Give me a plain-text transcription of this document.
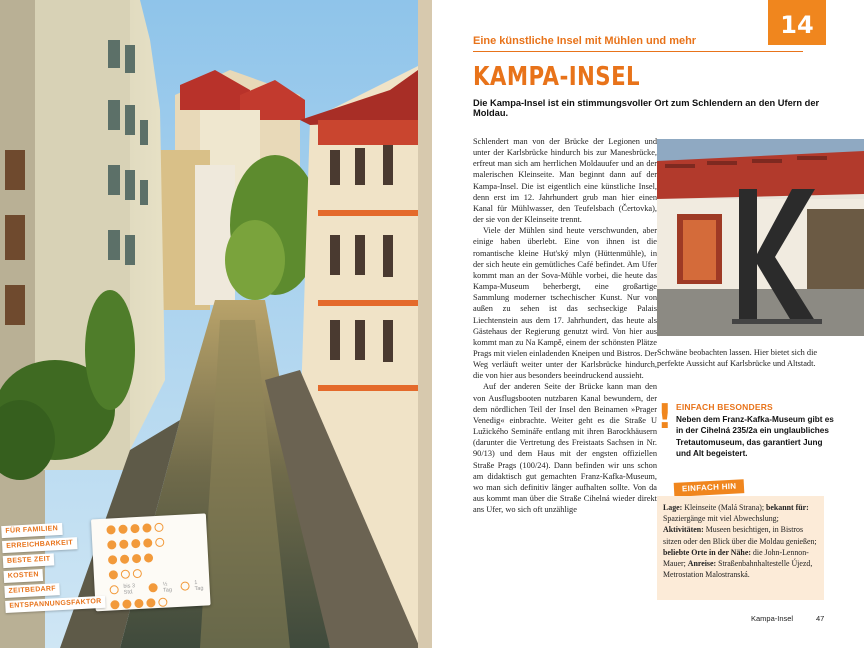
FÜR FAMILIEN
ERREICHBARKEIT
BESTE ZEIT
KOSTEN
ZEITBEDARF
ENTSPANNUNGSFAKTOR
bis 3 Std.
½ Tag
1 Tag
Eine künstliche Insel mit Mühlen und mehr
14
KAMPA-INSEL
Die Kampa-Insel ist ein stimmungsvoller Ort zum Schlendern an den Ufern der Moldau.

Schlendert man von der Brücke der Legionen und unter der Karlsbrücke hindurch bis zur Manesbrücke, erfreut man sich am herrlichen Moldauufer und an der malerischen Kleinseite. Man beginnt dann auf der Kampa-Insel. Die ist eigentlich eine künstliche Insel, denn erst im 12. Jahrhundert grub man hier einen Kanal für Mühlwasser, den Teufelsbach (Čertovka), der sie von der Kleinseite trennt.

Viele der Mühlen sind heute verschwunden, aber einige haben überlebt. Eine von ihnen ist die romantische kleine Hut'ský mlyn (Hüttenmühle), in der sich heute ein gemütliches Café befindet. Am Ufer kommt man an der Sova-Mühle vorbei, die heute das Kampa-Museum beherbergt, eine großartige Sammlung moderner tschechischer Kunst. Nur von außen zu sehen ist das sechseckige Palais Liechtenstein aus dem 17. Jahrhundert, das heute als Gästehaus der Regierung genutzt wird. Von hier aus kommt man zu Na Kampě, einem der schönsten Plätze Prags mit vielen einladenden Kneipen und Bistros. Der Weg verläuft weiter unter der Karlsbrücke hindurch, die von hier aus besonders beeindruckend aussieht.

Auf der anderen Seite der Brücke kann man den von Ausflugsbooten nutzbaren Kanal bewundern, der dem nördlichen Teil der Insel den Beinamen »Prager Venedig« einbrachte. Weiter geht es die Straße U Lužického Semináře entlang mit ihren Barockhäusern (darunter die Vertretung des Freistaats Sachsen in Nr. 90/13) und dem Haus mit der engsten offiziellen Straße Prags (100/24). Dann befinden wir uns schon am didaktisch gut gemachten Franz-Kafka-Museum, wo man sich definitiv länger aufhalten sollte. Von da aus kommt man über die Straße Cihelná wieder direkt ans Ufer, wo sich oft unzählige

Schwäne beobachten lassen. Hier bietet sich die perfekte Aussicht auf Karlsbrücke und Altstadt.
! EINFACH BESONDERS
Neben dem Franz-Kafka-Museum gibt es in der Cihelná 235/2a ein unglaubliches Tretautomuseum, das garantiert Jung und Alt begeistert.
EINFACH HIN
Lage: Kleinseite (Malá Strana); bekannt für: Spaziergänge mit viel Abwechslung; Aktivitäten: Museen besichtigen, in Bistros sitzen oder den Blick über die Moldau genießen; beliebte Orte in der Nähe: die John-Lennon-Mauer; Anreise: Straßenbahnhaltestelle Újezd, Metrostation Malostranská.
Kampa-Insel	47
